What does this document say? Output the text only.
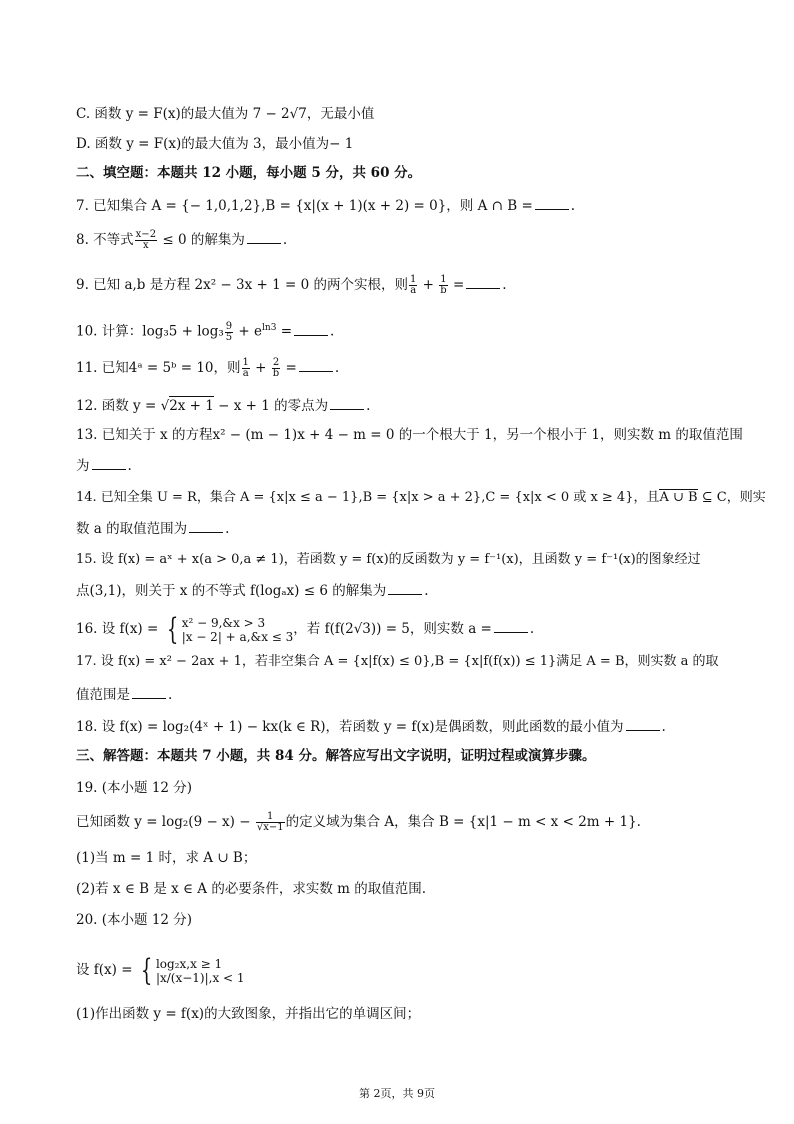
C. 函数 y = F(x)的最大值为 7 − 2√7，无最小值
D. 函数 y = F(x)的最大值为 3，最小值为− 1
二、填空题：本题共 12 小题，每小题 5 分，共 60 分。
7. 已知集合 A = {− 1,0,1,2},B = {x|(x + 1)(x + 2) = 0}，则 A ∩ B =	.
8. 不等式 $\frac{x-2}{x} \le 0$ 的解集为	.
9. 已知 a,b 是方程 2x² − 3x + 1 = 0 的两个实根，则 $\frac{1}{a} + \frac{1}{b}$ =	.
10. 计算：$\log_35 + \log_3 \frac{9}{5} + e^{ln3}$ =	.
11. 已知4ᵃ = 5ᵇ = 10，则 $\frac{1}{a} + \frac{2}{b}$ =	.
12. 函数 y = √2x + 1 − x + 1 的零点为	.
13. 已知关于 x 的方程x² − (m − 1)x + 4 − m = 0 的一个根大于 1，另一个根小于 1，则实数 m 的取值范围
为	.
14. 已知全集 U = R，集合 A = {x|x ≤ a − 1},B = {x|x > a + 2},C = {x|x < 0 或 x ≥ 4}，且A ∪ B ⊆ C，则实
数 a 的取值范围为	.
15. 设 f(x) = aˣ + x(a > 0,a ≠ 1)，若函数 y = f(x)的反函数为 y = f⁻¹(x)，且函数 y = f⁻¹(x)的图象经过
点(3,1)，则关于 x 的不等式 f(logₐx) ≤ 6 的解集为	.
16. 设 f(x) = { x² − 9,&x > 3
|x − 2| + a,&x ≤ 3 ，若 f(f(2√3)) = 5，则实数 a =	.
17. 设 f(x) = x² − 2ax + 1，若非空集合 A = {x|f(x) ≤ 0},B = {x|f(f(x)) ≤ 1}满足 A = B，则实数 a 的取
值范围是	.
18. 设 f(x) = log₂(4ˣ + 1) − kx(k ∈ R)，若函数 y = f(x)是偶函数，则此函数的最小值为	.
三、解答题：本题共 7 小题，共 84 分。解答应写出文字说明，证明过程或演算步骤。
19. (本小题 12 分)
已知函数 $y = \log_2(9 - x) - \frac{1}{√x-1}$ 的定义域为集合 A，集合 B = {x|1 − m < x < 2m + 1}.
(1)当 m = 1 时，求 A ∪ B；
(2)若 x ∈ B 是 x ∈ A 的必要条件，求实数 m 的取值范围.
20. (本小题 12 分)
设 f(x) = { log₂x,x ≥ 1
|x/(x−1)|,x < 1
(1)作出函数 y = f(x)的大致图象，并指出它的单调区间；
第 2页，共 9页
